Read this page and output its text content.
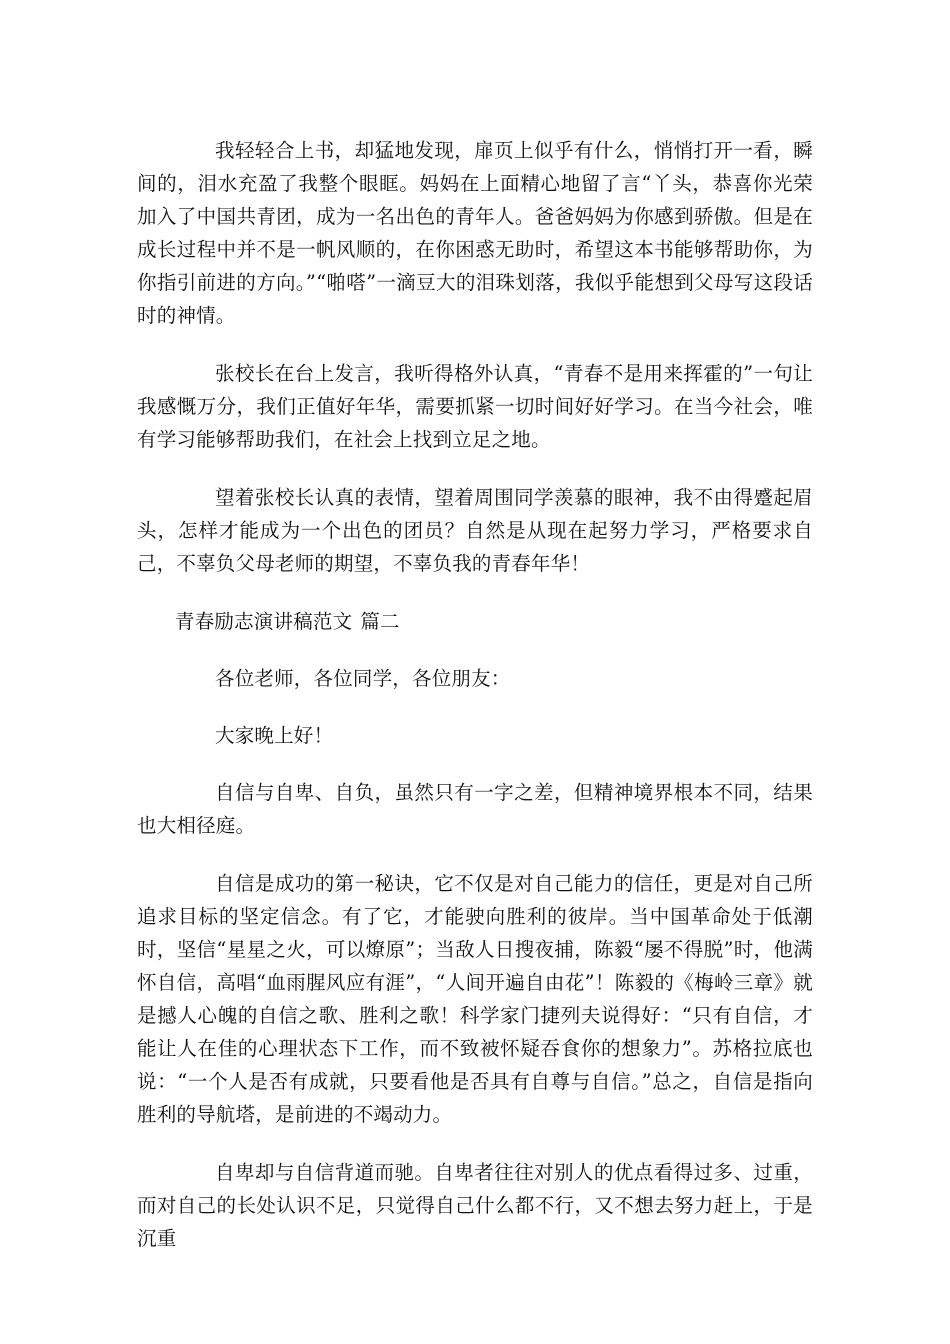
我轻轻合上书，却猛地发现，扉页上似乎有什么，悄悄打开一看，瞬间的，泪水充盈了我整个眼眶。妈妈在上面精心地留了言“丫头，恭喜你光荣加入了中国共青团，成为一名出色的青年人。爸爸妈妈为你感到骄傲。但是在成长过程中并不是一帆风顺的，在你困惑无助时，希望这本书能够帮助你，为你指引前进的方向。”“啪嗒”一滴豆大的泪珠划落，我似乎能想到父母写这段话时的神情。

张校长在台上发言，我听得格外认真，“青春不是用来挥霍的”一句让我感慨万分，我们正值好年华，需要抓紧一切时间好好学习。在当今社会，唯有学习能够帮助我们，在社会上找到立足之地。

望着张校长认真的表情，望着周围同学羡慕的眼神，我不由得蹙起眉头，怎样才能成为一个出色的团员？自然是从现在起努力学习，严格要求自己，不辜负父母老师的期望，不辜负我的青春年华！

青春励志演讲稿范文 篇二

各位老师，各位同学，各位朋友：

大家晚上好！

自信与自卑、自负，虽然只有一字之差，但精神境界根本不同，结果也大相径庭。

自信是成功的第一秘诀，它不仅是对自己能力的信任，更是对自己所追求目标的坚定信念。有了它，才能驶向胜利的彼岸。当中国革命处于低潮时，坚信“星星之火，可以燎原”；当敌人日搜夜捕，陈毅“屡不得脱”时，他满怀自信，高唱“血雨腥风应有涯”，“人间开遍自由花”！陈毅的《梅岭三章》就是撼人心魄的自信之歌、胜利之歌！科学家门捷列夫说得好：“只有自信，才能让人在佳的心理状态下工作，而不致被怀疑吞食你的想象力”。苏格拉底也说：“一个人是否有成就，只要看他是否具有自尊与自信。”总之，自信是指向胜利的导航塔，是前进的不竭动力。

自卑却与自信背道而驰。自卑者往往对别人的优点看得过多、过重，而对自己的长处认识不足，只觉得自己什么都不行，又不想去努力赶上，于是沉重
